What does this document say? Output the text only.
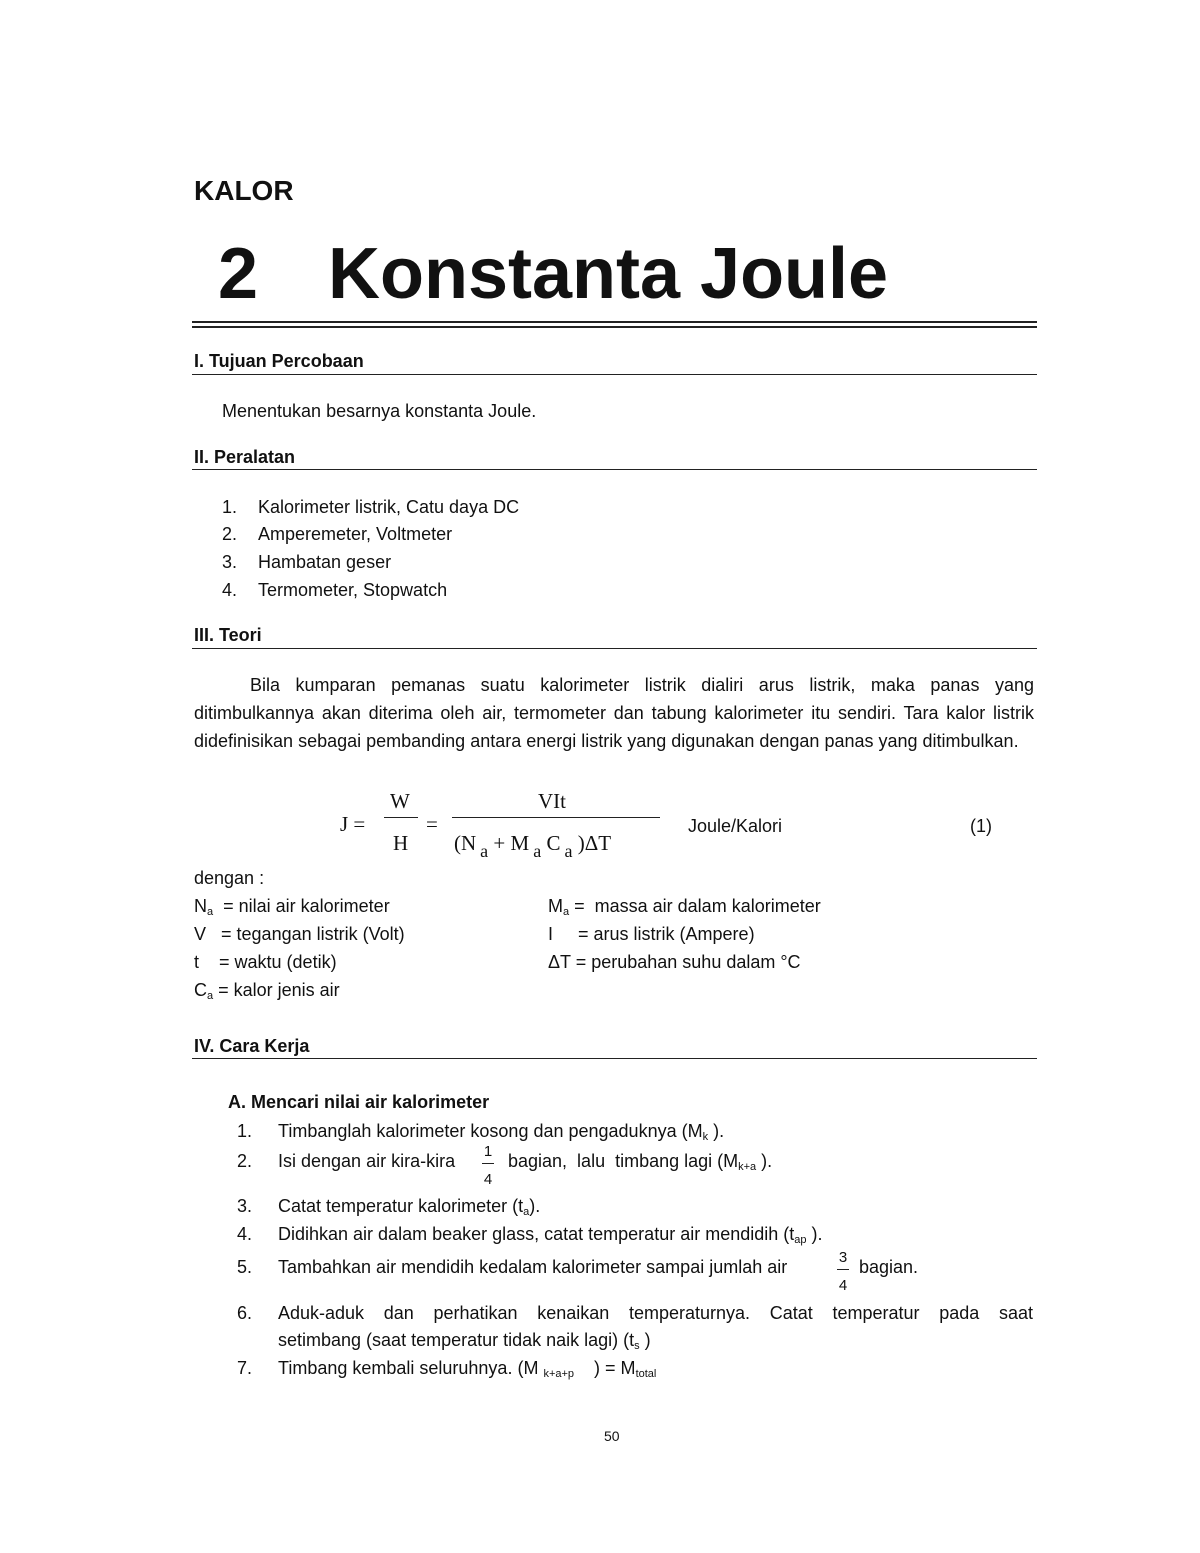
KALOR
2 Konstanta Joule
I. Tujuan Percobaan
Menentukan besarnya konstanta Joule.
II. Peralatan
1. Kalorimeter listrik, Catu daya DC
2. Amperemeter, Voltmeter
3. Hambatan geser
4. Termometer, Stopwatch
III. Teori

Bila kumparan pemanas suatu kalorimeter listrik dialiri arus listrik, maka panas yang ditimbulkannya akan diterima oleh air, termometer dan tabung kalorimeter itu sendiri. Tara kalor listrik didefinisikan sebagai pembanding antara energi listrik yang digunakan dengan panas yang ditimbulkan.

J =
W
H
=
VIt
(N a + M a C a )ΔT
Joule/Kalori	(1)
dengan :
$N_a$  = nilai air kalorimeter
V   = tegangan listrik (Volt)
t    = waktu (detik)
$C_a$ = kalor jenis air
$M_a$ =  massa air dalam kalorimeter
I     = arus listrik (Ampere)
ΔT = perubahan suhu dalam °C
IV. Cara Kerja
A. Mencari nilai air kalorimeter
1. Timbanglah kalorimeter kosong dan pengaduknya ($M_k$ ).
2. Isi dengan air kira-kira 1
4
bagian,  lalu  timbang lagi ($M_{k+a}$ ).
3. Catat temperatur kalorimeter $(t_a)$.
4. Didihkan air dalam beaker glass, catat temperatur air mendidih ($t_{ap}$ ).
5. Tambahkan air mendidih kedalam kalorimeter sampai jumlah air	3
4
bagian.
6. Aduk-aduk dan perhatikan kenaikan temperaturnya. Catat temperatur pada saat
setimbang (saat temperatur tidak naik lagi) ($t_s$ )
7. Timbang kembali seluruhnya. (M $_{k+a+p}$    ) = $M_{total}$
50
